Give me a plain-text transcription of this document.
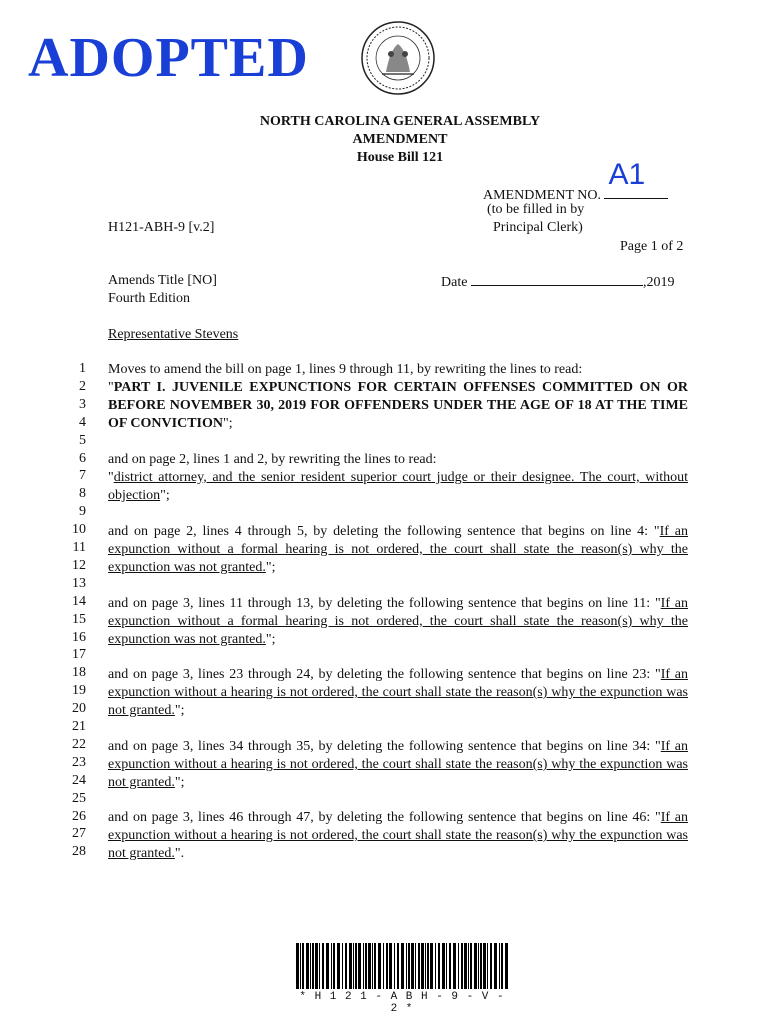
ADOPTED
NORTH CAROLINA GENERAL ASSEMBLY
AMENDMENT
House Bill 121
AMENDMENT NO.
A1
(to be filled in by
Principal Clerk)
H121-ABH-9 [v.2]
Page 1 of 2
Amends Title [NO]
Fourth Edition
Date	,2019
Representative Stevens
1
2
3
4
5
6
7
8
9
10
11
12
13
14
15
16
17
18
19
20
21
22
23
24
25
26
27
28
Moves to amend the bill on page 1, lines 9 through 11, by rewriting the lines to read:
"PART I. JUVENILE EXPUNCTIONS FOR CERTAIN OFFENSES COMMITTED ON OR BEFORE NOVEMBER 30, 2019 FOR OFFENDERS UNDER THE AGE OF 18 AT THE TIME OF CONVICTION";
and on page 2, lines 1 and 2, by rewriting the lines to read:
"district attorney, and the senior resident superior court judge or their designee. The court, without objection";
and on page 2, lines 4 through 5, by deleting the following sentence that begins on line 4: "If an expunction without a formal hearing is not ordered, the court shall state the reason(s) why the expunction was not granted.";
and on page 3, lines 11 through 13, by deleting the following sentence that begins on line 11: "If an expunction without a formal hearing is not ordered, the court shall state the reason(s) why the expunction was not granted.";
and on page 3, lines 23 through 24, by deleting the following sentence that begins on line 23: "If an expunction without a hearing is not ordered, the court shall state the reason(s) why the expunction was not granted.";
and on page 3, lines 34 through 35, by deleting the following sentence that begins on line 34: "If an expunction without a hearing is not ordered, the court shall state the reason(s) why the expunction was not granted.";
and on page 3, lines 46 through 47, by deleting the following sentence that begins on line 46: "If an expunction without a hearing is not ordered, the court shall state the reason(s) why the expunction was not granted.".
* H 1 2 1 - A B H - 9 - V - 2 *
